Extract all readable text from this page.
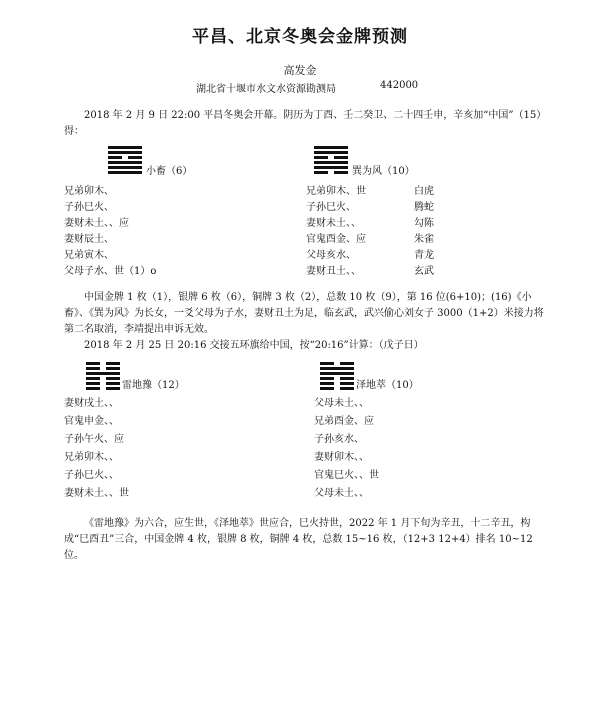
平昌、北京冬奥会金牌预测
高发金
湖北省十堰市水文水资源勘测局	442000
2018 年 2 月 9 日 22:00 平昌冬奥会开幕。阴历为丁酉、壬二癸卫、二十四壬申，辛亥加“中国”（15）得：
小畜（6）
兄弟卯木、
子孙巳火、
妻财未土、、应
妻财辰土、
兄弟寅木、
父母子水、世（1）o
巽为风（10）
兄弟卯木、世
子孙巳火、
妻财未土、、
官鬼酉金、应
父母亥水、
妻财丑土、、
白虎
腾蛇
勾陈
朱雀
青龙
玄武
中国金牌 1 枚（1），银牌 6 枚（6），铜牌 3 枚（2），总数 10 枚（9），第 16 位(6+10)；(16)《小畜》、《巽为风》为长女，一爻父母为子水，妻财丑土为足，临玄武，武兴偷心刘女子 3000（1+2）米接力将第二名取消，李靖提出申诉无效。
2018 年 2 月 25 日 20:16 交接五环旗给中国，按“20:16”计算：（戊子日）
雷地豫（12）
妻财戌土、、
官鬼申金、、
子孙午火、应
兄弟卯木、、
子孙巳火、、
妻财未土、、世
泽地萃（10）
父母未土、、
兄弟酉金、应
子孙亥水、
妻财卯木、、
官鬼巳火、、世
父母未土、、
《雷地豫》为六合，应生世，《泽地萃》世应合，巳火持世，2022 年 1 月下旬为辛丑，十二辛丑，构成“巳酉丑”三合，中国金牌 4 枚，银牌 8 枚，铜牌 4 枚，总数 15~16 枚，（12+3 12+4）排名 10~12 位。
